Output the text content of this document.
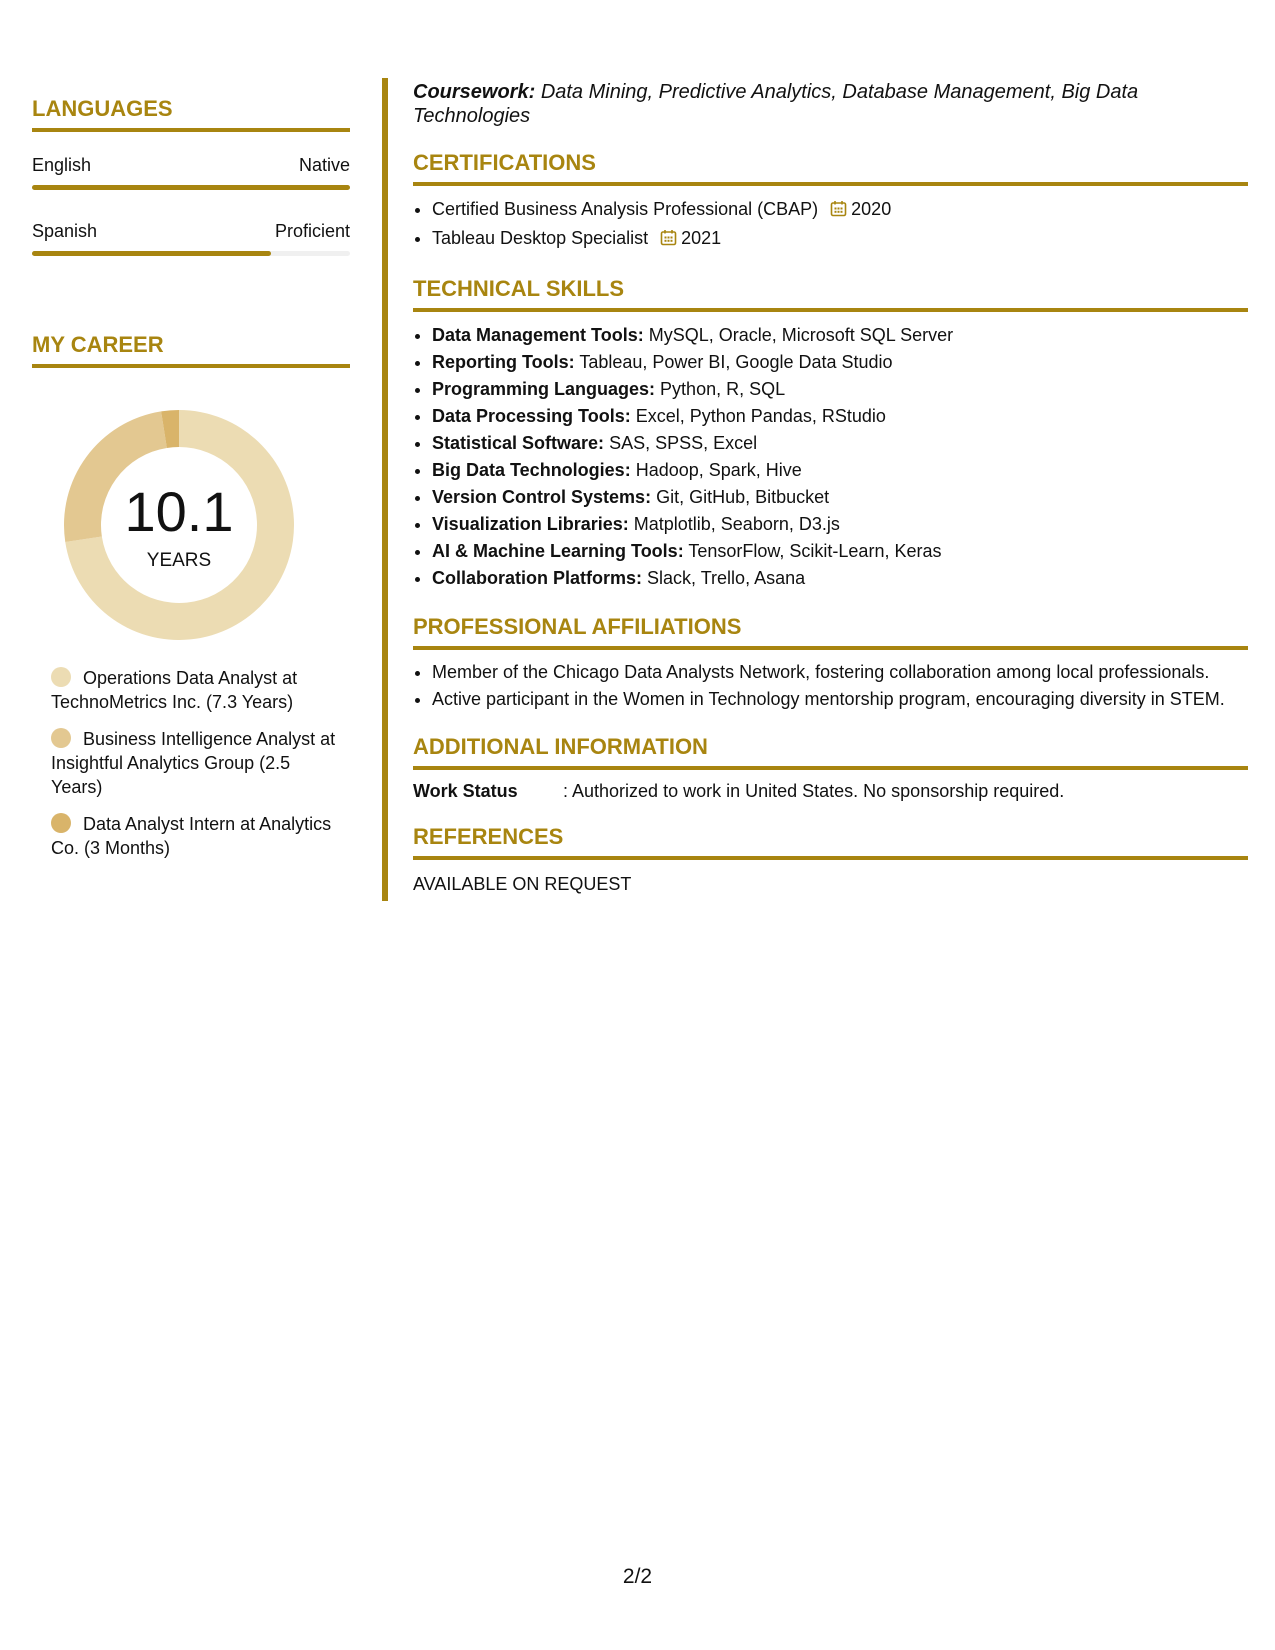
LANGUAGES
English	Native
Spanish	Proficient
MY CAREER
10.1
YEARS
Operations Data Analyst at TechnoMetrics Inc. (7.3 Years)
Business Intelligence Analyst at Insightful Analytics Group (2.5 Years)
Data Analyst Intern at Analytics Co. (3 Months)

Coursework: Data Mining, Predictive Analytics, Database Management, Big Data Technologies

CERTIFICATIONS
• Certified Business Analysis Professional (CBAP) 2020
• Tableau Desktop Specialist 2021
TECHNICAL SKILLS
• Data Management Tools: MySQL, Oracle, Microsoft SQL Server
• Reporting Tools: Tableau, Power BI, Google Data Studio
• Programming Languages: Python, R, SQL
• Data Processing Tools: Excel, Python Pandas, RStudio
• Statistical Software: SAS, SPSS, Excel
• Big Data Technologies: Hadoop, Spark, Hive
• Version Control Systems: Git, GitHub, Bitbucket
• Visualization Libraries: Matplotlib, Seaborn, D3.js
• AI & Machine Learning Tools: TensorFlow, Scikit-Learn, Keras
• Collaboration Platforms: Slack, Trello, Asana
PROFESSIONAL AFFILIATIONS
• Member of the Chicago Data Analysts Network, fostering collaboration among local professionals.
• Active participant in the Women in Technology mentorship program, encouraging diversity in STEM.
ADDITIONAL INFORMATION
Work Status	: Authorized to work in United States. No sponsorship required.
REFERENCES
AVAILABLE ON REQUEST
2/2
